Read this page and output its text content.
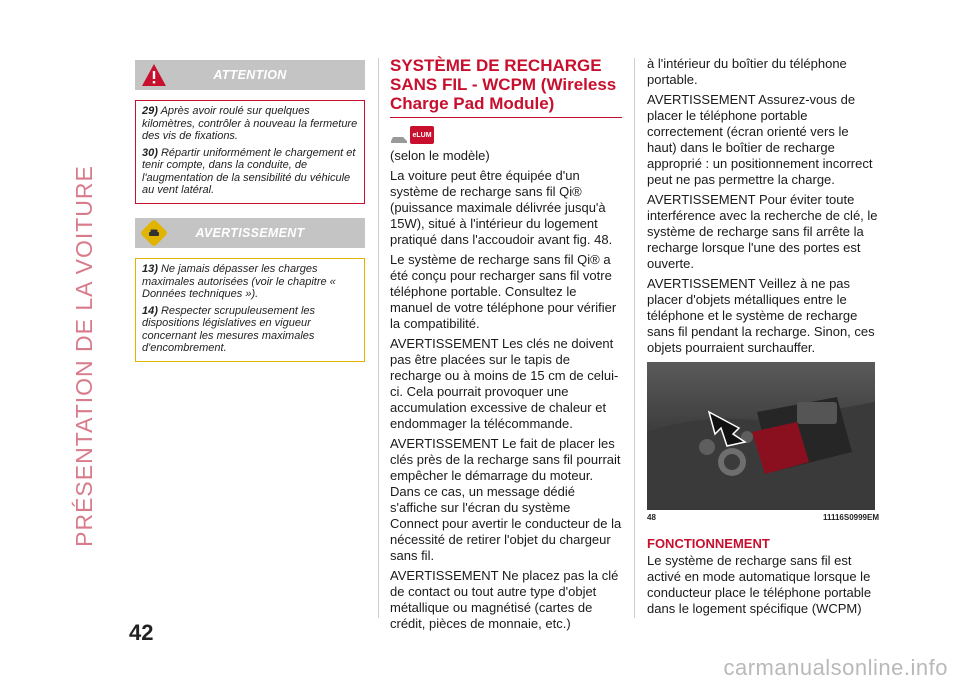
PRÉSENTATION DE LA VOITURE
ATTENTION

29) Après avoir roulé sur quelques kilomètres, contrôler à nouveau la fermeture des vis de fixations.

30) Répartir uniformément le chargement et tenir compte, dans la conduite, de l'augmentation de la sensibilité du véhicule au vent latéral.

AVERTISSEMENT

13) Ne jamais dépasser les charges maximales autorisées (voir le chapitre « Données techniques »).

14) Respecter scrupuleusement les dispositions législatives en vigueur concernant les mesures maximales d'encombrement.

42
SYSTÈME DE RECHARGE SANS FIL - WCPM (Wireless Charge Pad Module)
eLUM

(selon le modèle)

La voiture peut être équipée d'un système de recharge sans fil Qi® (puissance maximale délivrée jusqu'à 15W), situé à l'intérieur du logement pratiqué dans l'accoudoir avant fig. 48.

Le système de recharge sans fil Qi® a été conçu pour recharger sans fil votre téléphone portable. Consultez le manuel de votre téléphone pour vérifier la compatibilité.

AVERTISSEMENT Les clés ne doivent pas être placées sur le tapis de recharge ou à moins de 15 cm de celui-ci. Cela pourrait provoquer une accumulation excessive de chaleur et endommager la télécommande.

AVERTISSEMENT Le fait de placer les clés près de la recharge sans fil pourrait empêcher le démarrage du moteur. Dans ce cas, un message dédié s'affiche sur l'écran du système Connect pour avertir le conducteur de la nécessité de retirer l'objet du chargeur sans fil.

AVERTISSEMENT Ne placez pas la clé de contact ou tout autre type d'objet métallique ou magnétisé (cartes de crédit, pièces de monnaie, etc.)

à l'intérieur du boîtier du téléphone portable.

AVERTISSEMENT Assurez-vous de placer le téléphone portable correctement (écran orienté vers le haut) dans le boîtier de recharge approprié : un positionnement incorrect peut ne pas permettre la charge.

AVERTISSEMENT Pour éviter toute interférence avec la recherche de clé, le système de recharge sans fil arrête la recharge lorsque l'une des portes est ouverte.

AVERTISSEMENT Veillez à ne pas placer d'objets métalliques entre le téléphone et le système de recharge sans fil pendant la recharge. Sinon, ces objets pourraient surchauffer.

48	11116S0999EM
FONCTIONNEMENT

Le système de recharge sans fil est activé en mode automatique lorsque le conducteur place le téléphone portable dans le logement spécifique (WCPM)

carmanualsonline.info
